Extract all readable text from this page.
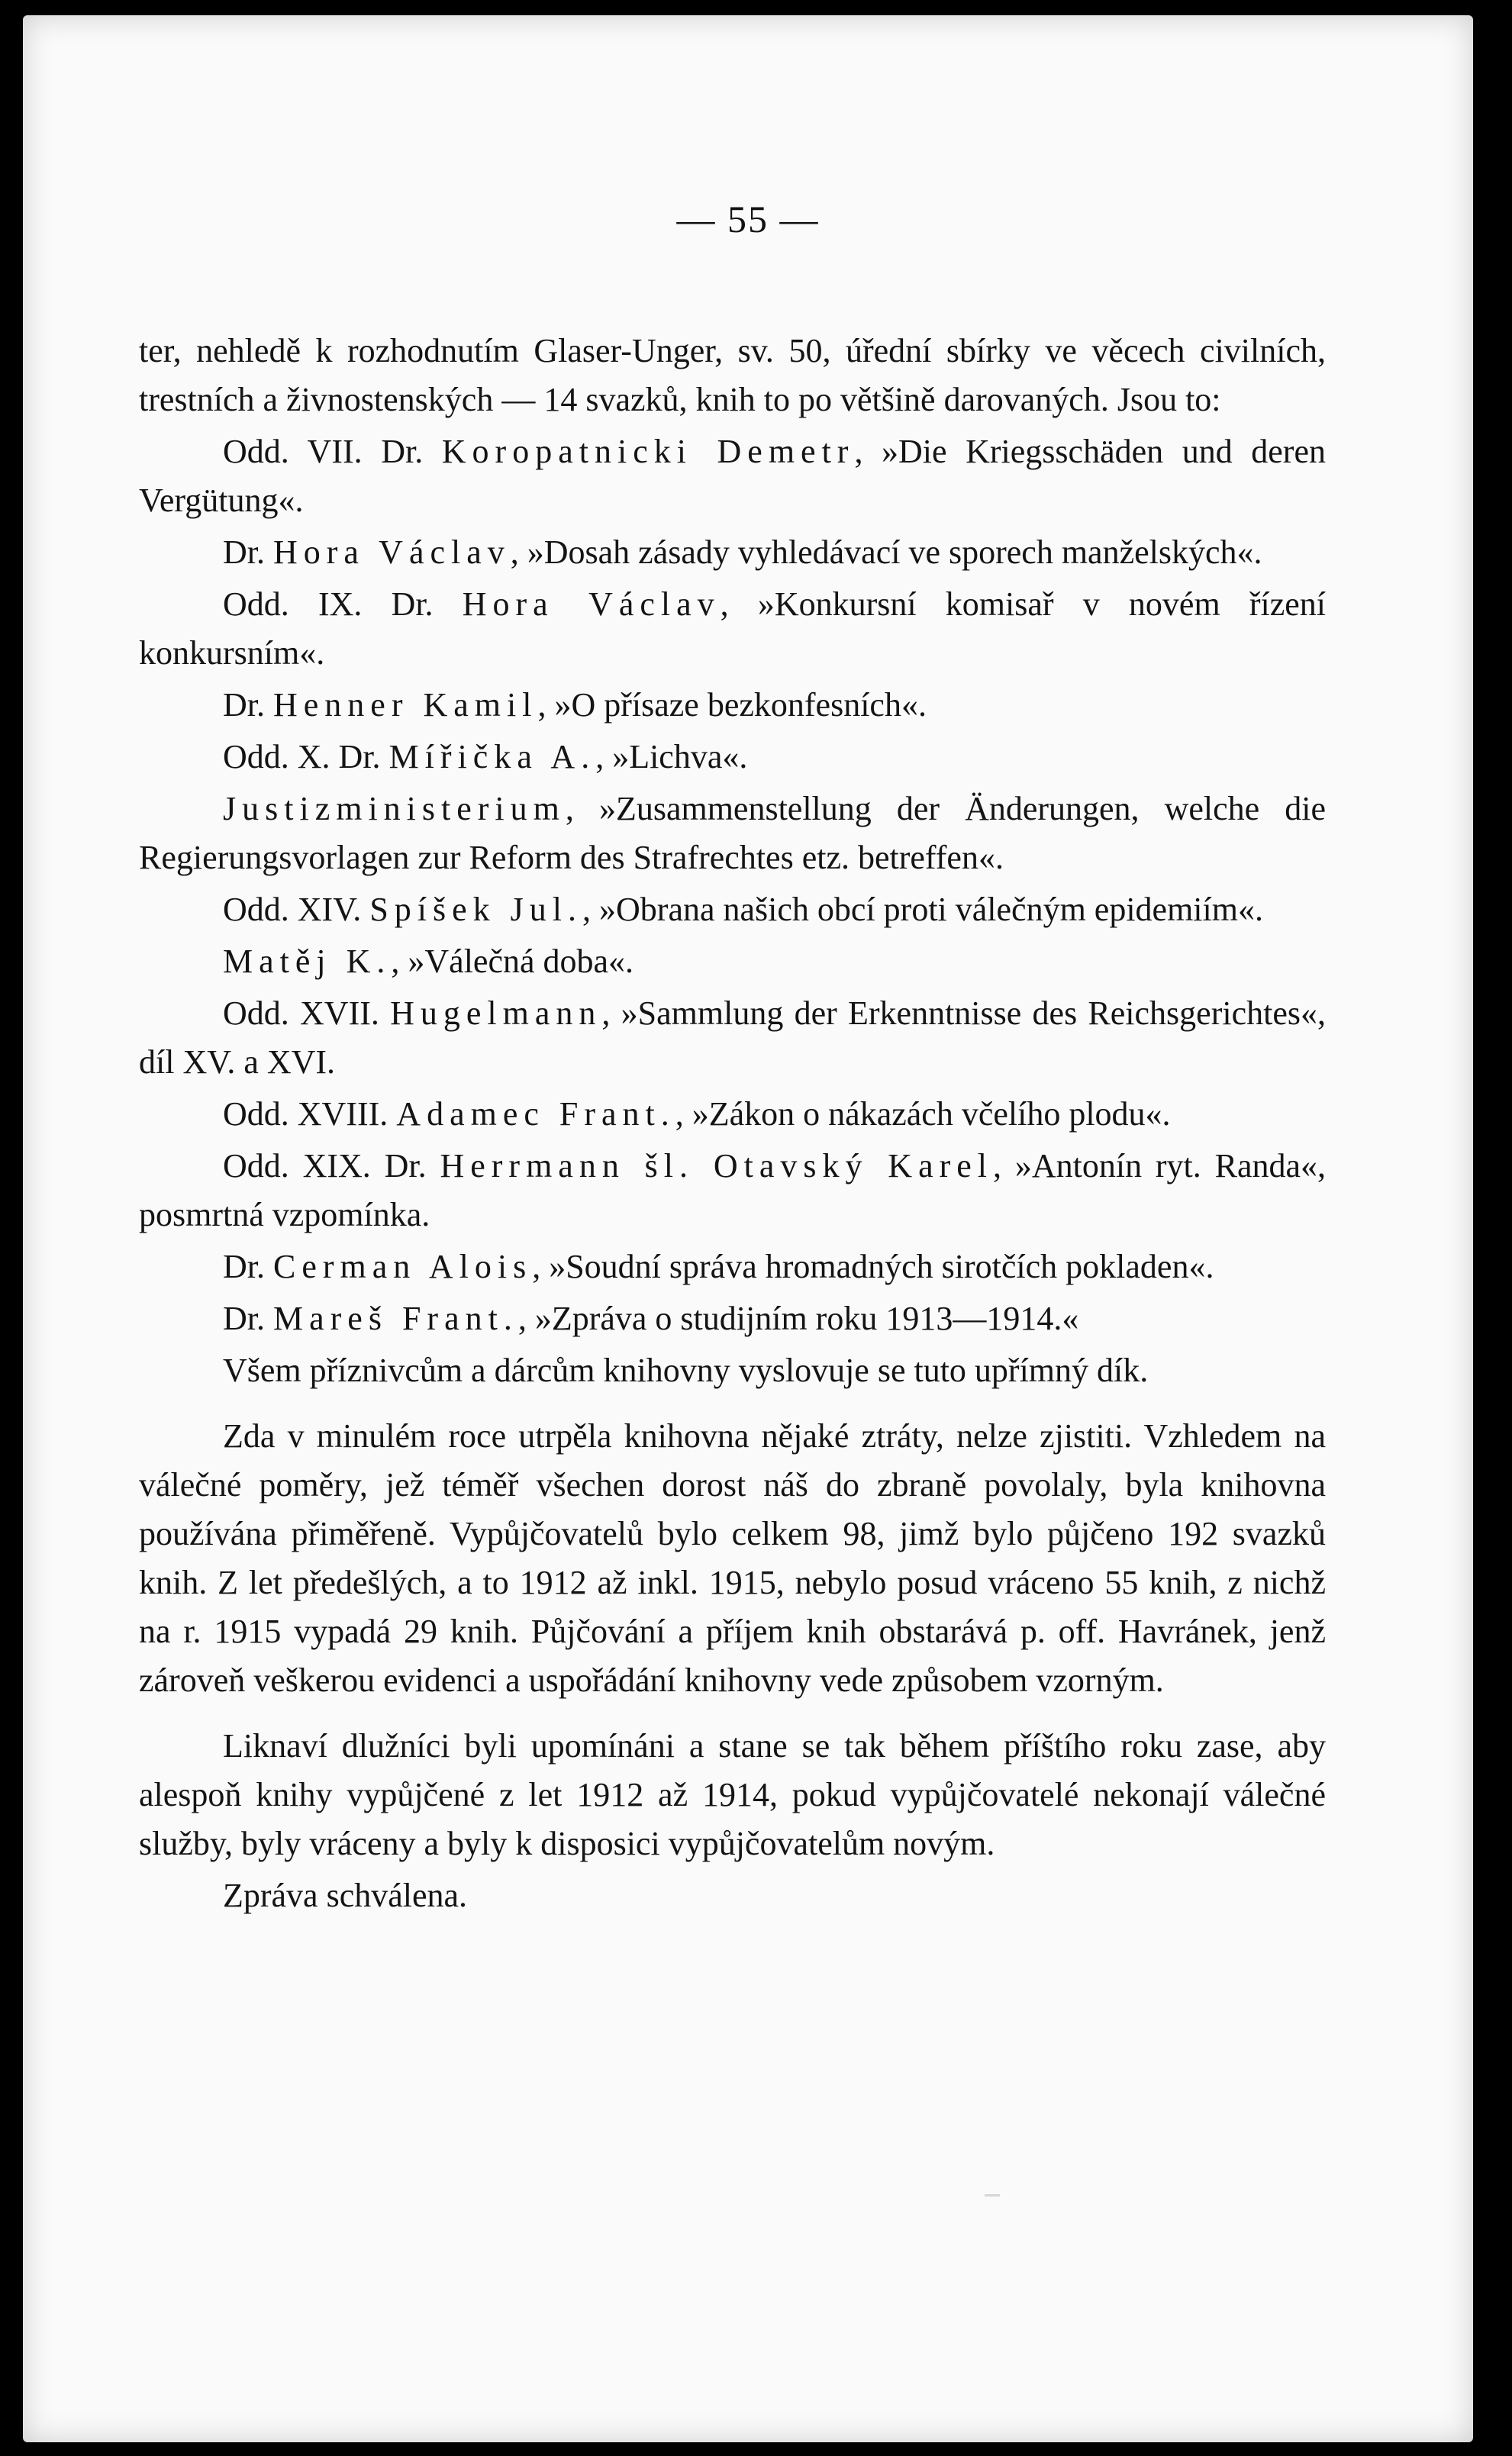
— 55 —

ter, nehledě k rozhodnutím Glaser-Unger, sv. 50, úřední sbírky ve věcech civilních, trestních a živnostenských — 14 svazků, knih to po většině darovaných. Jsou to:

Odd. VII. Dr. Koropatnicki Demetr, »Die Kriegsschäden und deren Vergütung«.

Dr. Hora Václav, »Dosah zásady vyhledávací ve sporech manželských«.

Odd. IX. Dr. Hora Václav, »Konkursní komisař v novém řízení konkursním«.

Dr. Henner Kamil, »O přísaze bezkonfesních«.

Odd. X. Dr. Mířička A., »Lichva«.

Justizministerium, »Zusammenstellung der Änderungen, welche die Regierungsvorlagen zur Reform des Strafrechtes etz. betreffen«.

Odd. XIV. Spíšek Jul., »Obrana našich obcí proti válečným epidemiím«.

Matěj K., »Válečná doba«.

Odd. XVII. Hugelmann, »Sammlung der Erkenntnisse des Reichsgerichtes«, díl XV. a XVI.

Odd. XVIII. Adamec Frant., »Zákon o nákazách včelího plodu«.

Odd. XIX. Dr. Herrmann šl. Otavský Karel, »Antonín ryt. Randa«, posmrtná vzpomínka.

Dr. Cerman Alois, »Soudní správa hromadných sirotčích pokladen«.

Dr. Mareš Frant., »Zpráva o studijním roku 1913—1914.«

Všem příznivcům a dárcům knihovny vyslovuje se tuto upřímný dík.

Zda v minulém roce utrpěla knihovna nějaké ztráty, nelze zjistiti. Vzhledem na válečné poměry, jež téměř všechen dorost náš do zbraně povolaly, byla knihovna používána přiměřeně. Vypůjčovatelů bylo celkem 98, jimž bylo půjčeno 192 svazků knih. Z let předešlých, a to 1912 až inkl. 1915, nebylo posud vráceno 55 knih, z nichž na r. 1915 vypadá 29 knih. Půjčování a příjem knih obstarává p. off. Havránek, jenž zároveň veškerou evidenci a uspořádání knihovny vede způsobem vzorným.

Liknaví dlužníci byli upomínáni a stane se tak během příštího roku zase, aby alespoň knihy vypůjčené z let 1912 až 1914, pokud vypůjčovatelé nekonají válečné služby, byly vráceny a byly k disposici vypůjčovatelům novým.

Zpráva schválena.
